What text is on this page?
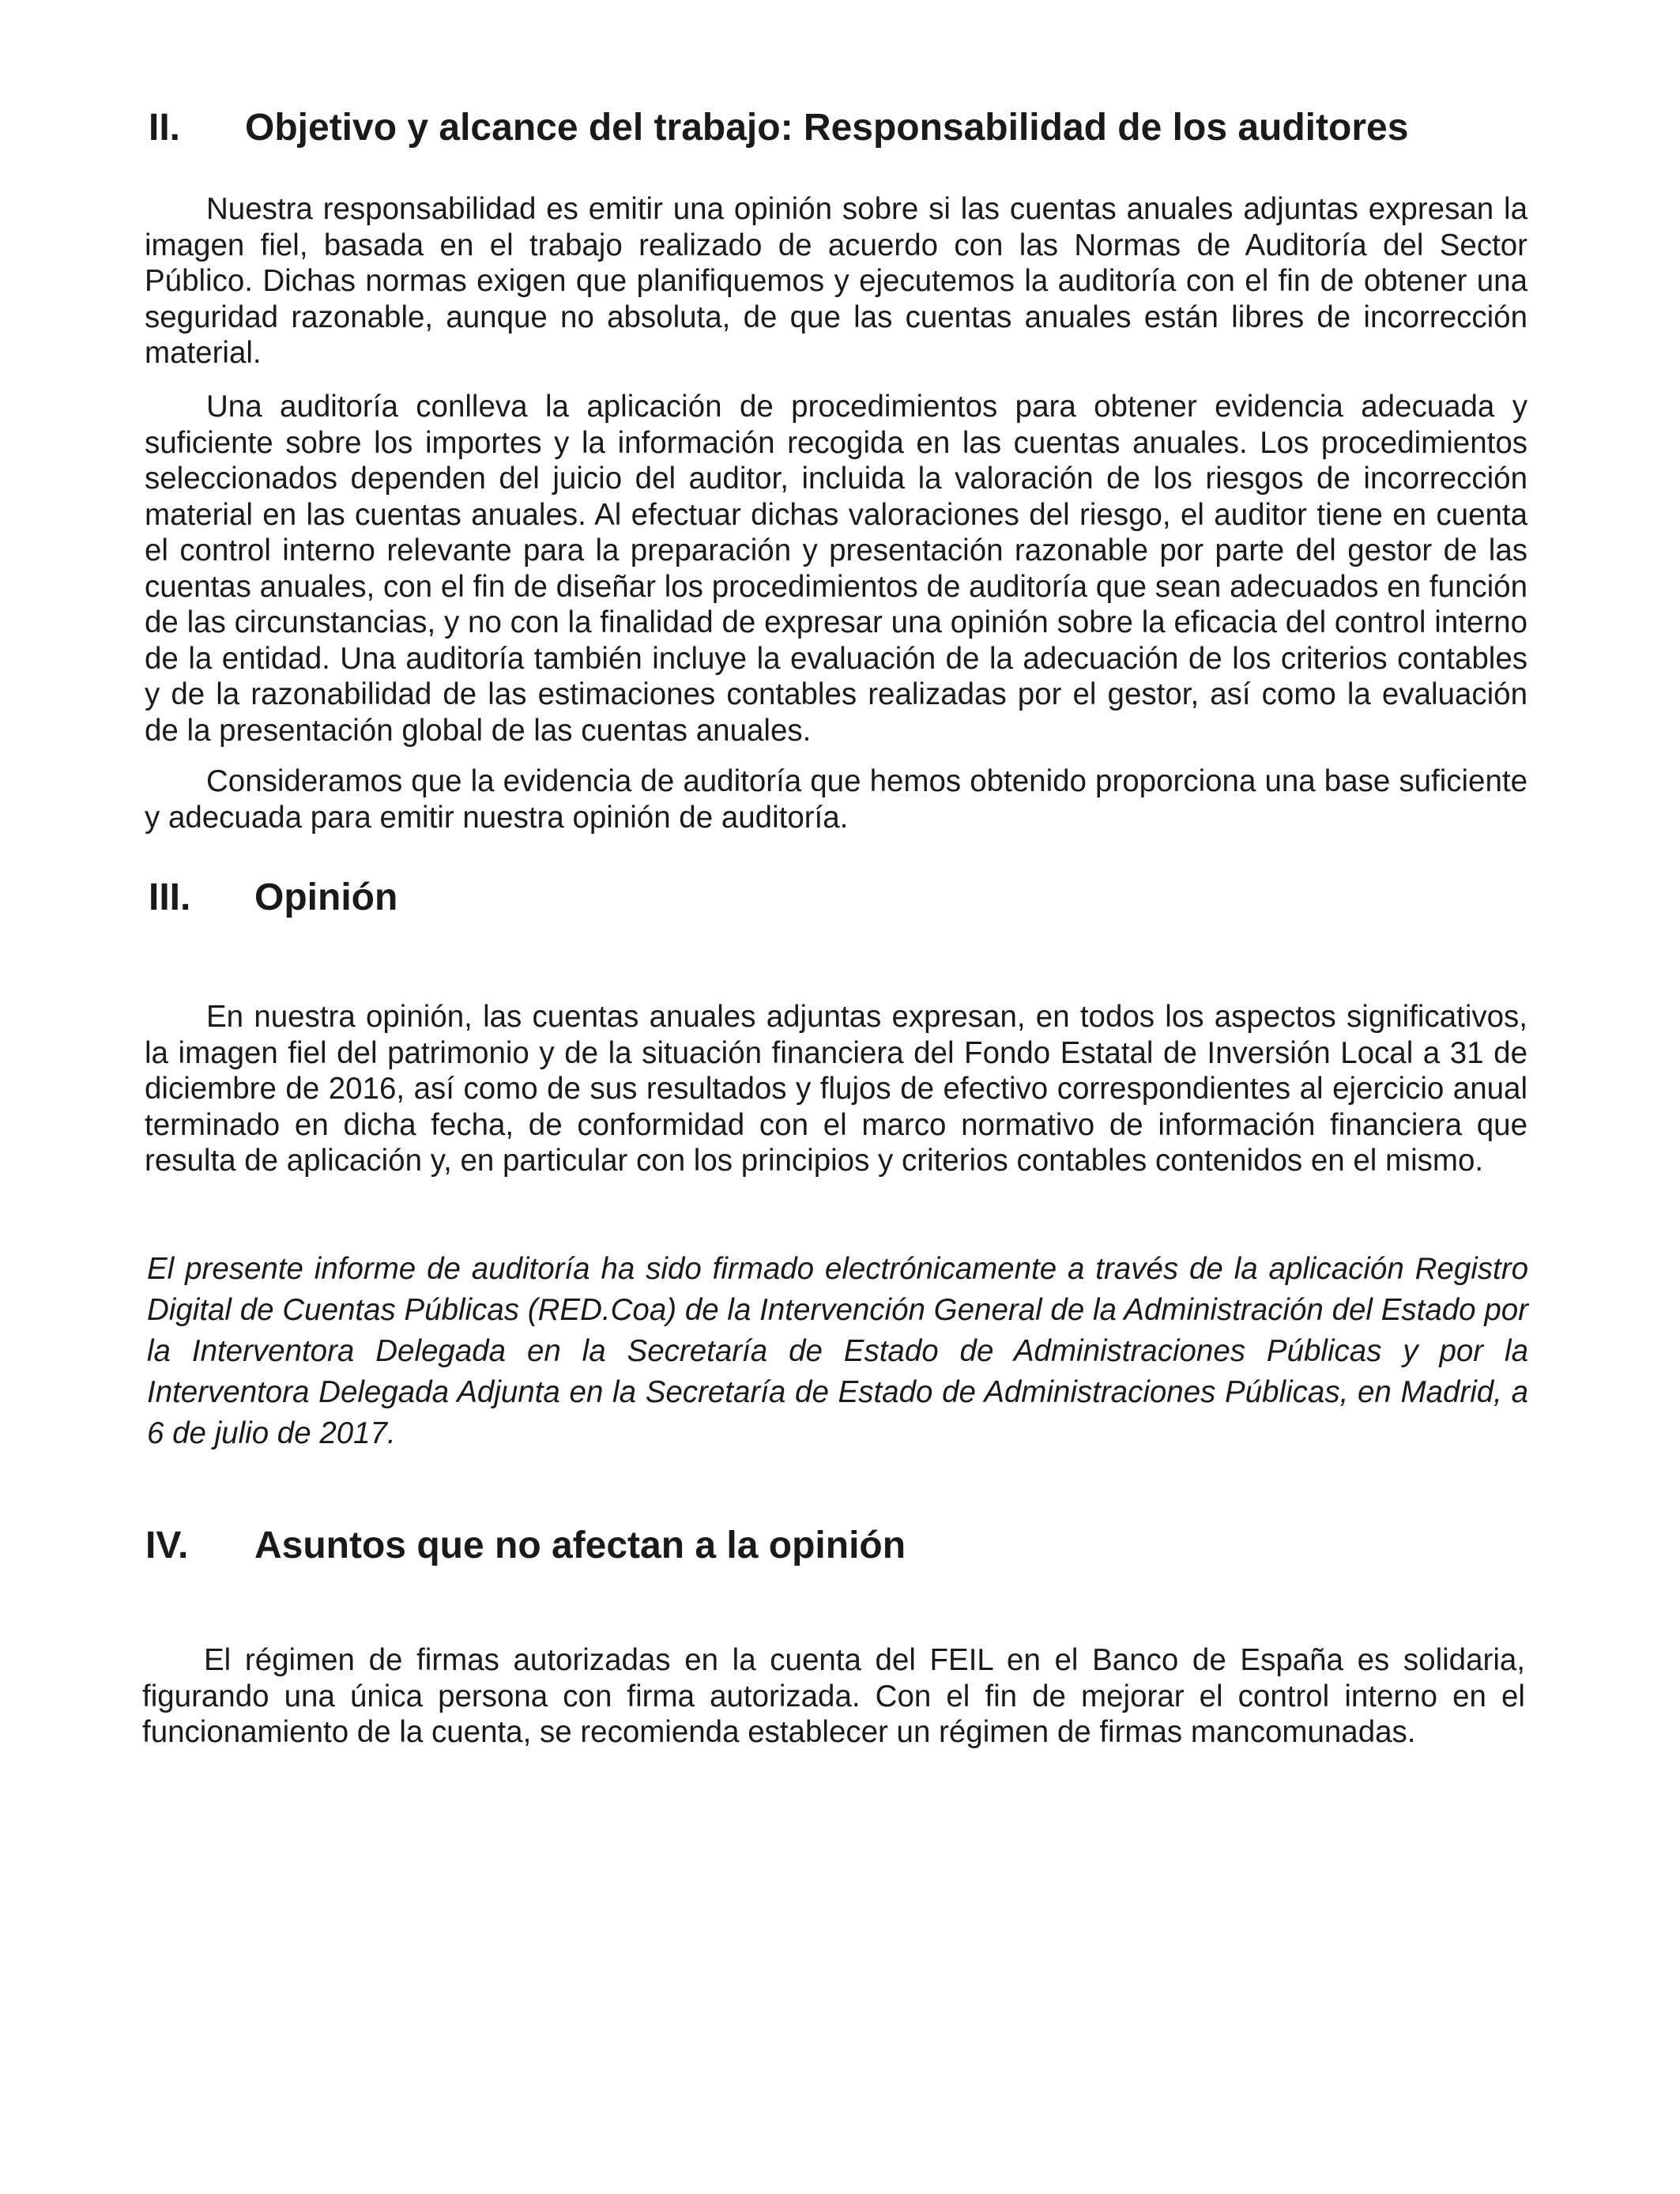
II. Objetivo y alcance del trabajo: Responsabilidad de los auditores

Nuestra responsabilidad es emitir una opinión sobre si las cuentas anuales adjuntas expresan la imagen fiel, basada en el trabajo realizado de acuerdo con las Normas de Auditoría del Sector Público. Dichas normas exigen que planifiquemos y ejecutemos la auditoría con el fin de obtener una seguridad razonable, aunque no absoluta, de que las cuentas anuales están libres de incorrección material.

Una auditoría conlleva la aplicación de procedimientos para obtener evidencia adecuada y suficiente sobre los importes y la información recogida en las cuentas anuales. Los procedimientos seleccionados dependen del juicio del auditor, incluida la valoración de los riesgos de incorrección material en las cuentas anuales. Al efectuar dichas valoraciones del riesgo, el auditor tiene en cuenta el control interno relevante para la preparación y presentación razonable por parte del gestor de las cuentas anuales, con el fin de diseñar los procedimientos de auditoría que sean adecuados en función de las circunstancias, y no con la finalidad de expresar una opinión sobre la eficacia del control interno de la entidad. Una auditoría también incluye la evaluación de la adecuación de los criterios contables y de la razonabilidad de las estimaciones contables realizadas por el gestor, así como la evaluación de la presentación global de las cuentas anuales.

Consideramos que la evidencia de auditoría que hemos obtenido proporciona una base suficiente y adecuada para emitir nuestra opinión de auditoría.

III. Opinión

En nuestra opinión, las cuentas anuales adjuntas expresan, en todos los aspectos significativos, la imagen fiel del patrimonio y de la situación financiera del Fondo Estatal de Inversión Local a 31 de diciembre de 2016, así como de sus resultados y flujos de efectivo correspondientes al ejercicio anual terminado en dicha fecha, de conformidad con el marco normativo de información financiera que resulta de aplicación y, en particular con los principios y criterios contables contenidos en el mismo.

El presente informe de auditoría ha sido firmado electrónicamente a través de la aplicación Registro Digital de Cuentas Públicas (RED.Coa) de la Intervención General de la Administración del Estado por la Interventora Delegada en la Secretaría de Estado de Administraciones Públicas y por la Interventora Delegada Adjunta en la Secretaría de Estado de Administraciones Públicas, en Madrid, a 6 de julio de 2017.

IV. Asuntos que no afectan a la opinión

El régimen de firmas autorizadas en la cuenta del FEIL en el Banco de España es solidaria, figurando una única persona con firma autorizada. Con el fin de mejorar el control interno en el funcionamiento de la cuenta, se recomienda establecer un régimen de firmas mancomunadas.
